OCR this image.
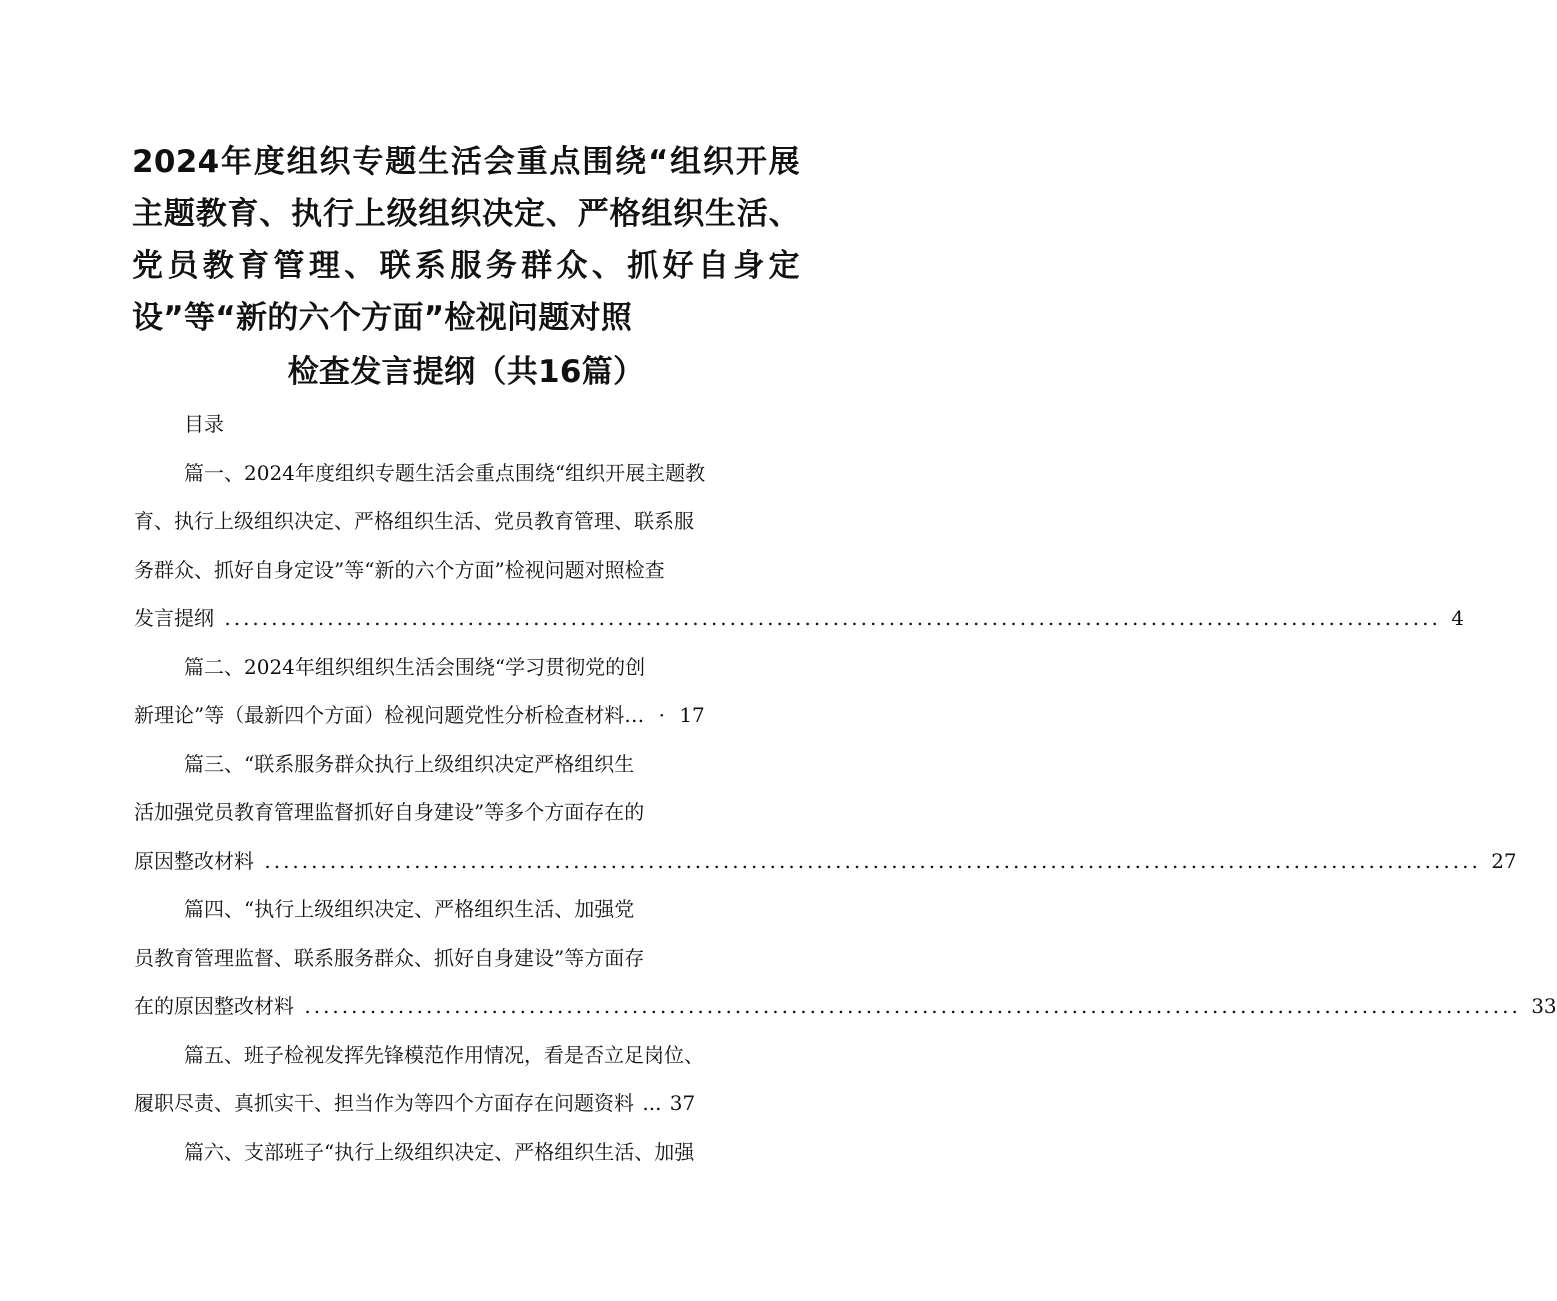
2024年度组织专题生活会重点围绕“组织开展主题教育、执行上级组织决定、严格组织生活、党员教育管理、联系服务群众、抓好自身定设”等“新的六个方面”检视问题对照
检查发言提纲（共16篇）

目录

篇一、2024年度组织专题生活会重点围绕“组织开展主题教
育、执行上级组织决定、严格组织生活、党员教育管理、联系服
务群众、抓好自身定设”等“新的六个方面”检视问题对照检查
发言提纲 .....	4
篇二、2024年组织组织生活会围绕“学习贯彻党的创
新理论”等（最新四个方面）检视问题党性分析检查材料… · 17
篇三、“联系服务群众执行上级组织决定严格组织生
活加强党员教育管理监督抓好自身建设”等多个方面存在的
原因整改材料 .....	27
篇四、“执行上级组织决定、严格组织生活、加强党
员教育管理监督、联系服务群众、抓好自身建设”等方面存
在的原因整改材料 .....	33
篇五、班子检视发挥先锋模范作用情况，看是否立足岗位、
履职尽责、真抓实干、担当作为等四个方面存在问题资料 ... 37
篇六、支部班子“执行上级组织决定、严格组织生活、加强
